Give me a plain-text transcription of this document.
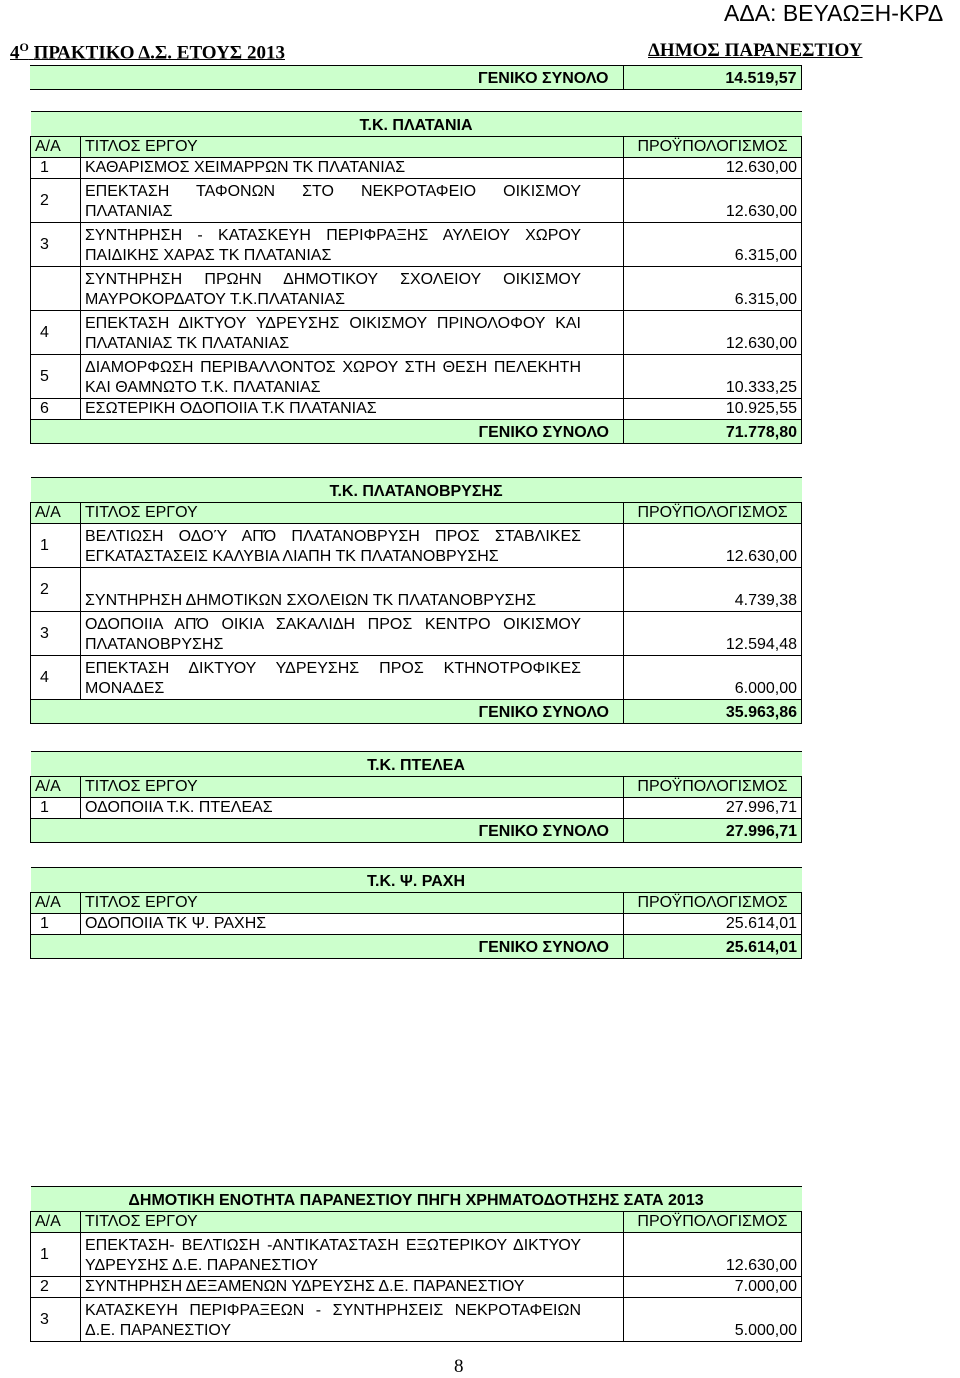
ΑΔΑ: ΒΕΥΑΩΞΗ-ΚΡΔ
$4^O$ ΠΡΑΚΤΙΚΟ Δ.Σ. ΕΤΟΥΣ 2013	ΔΗΜΟΣ ΠΑΡΑΝΕΣΤΙΟΥ
ΓΕΝΙΚΟ ΣΥΝΟΛΟ	14.519,57
Τ.Κ. ΠΛΑΤΑΝΙΑ		
Α/Α	ΤΙΤΛΟΣ ΕΡΓΟΥ	ΠΡΟΫΠΟΛΟΓΙΣΜΟΣ
1	ΚΑΘΑΡΙΣΜΟΣ ΧΕΙΜΑΡΡΩΝ ΤΚ ΠΛΑΤΑΝΙΑΣ	12.630,00
2	ΕΠΕΚΤΑΣΗ ΤΑΦΟΝΩΝ ΣΤΟ ΝΕΚΡΟΤΑΦΕΙΟ ΟΙΚΙΣΜΟΥ ΠΛΑΤΑΝΙΑΣ	12.630,00
3	ΣΥΝΤΗΡΗΣΗ - ΚΑΤΑΣΚΕΥΗ ΠΕΡΙΦΡΑΞΗΣ ΑΥΛΕΙΟΥ ΧΩΡΟΥ ΠΑΙΔΙΚΗΣ ΧΑΡΑΣ ΤΚ ΠΛΑΤΑΝΙΑΣ	6.315,00

	ΣΥΝΤΗΡΗΣΗ ΠΡΩΗΝ ΔΗΜΟΤΙΚΟΥ ΣΧΟΛΕΙΟΥ ΟΙΚΙΣΜΟΥ ΜΑΥΡΟΚΟΡΔΑΤΟΥ Τ.Κ.ΠΛΑΤΑΝΙΑΣ	6.315,00
4	ΕΠΕΚΤΑΣΗ ΔΙΚΤΥΟΥ ΥΔΡΕΥΣΗΣ ΟΙΚΙΣΜΟΥ ΠΡΙΝΟΛΟΦΟΥ ΚΑΙ ΠΛΑΤΑΝΙΑΣ ΤΚ ΠΛΑΤΑΝΙΑΣ	12.630,00
5	ΔΙΑΜΟΡΦΩΣΗ ΠΕΡΙΒΑΛΛΟΝΤΟΣ ΧΩΡΟΥ ΣΤΗ ΘΕΣΗ ΠΕΛΕΚΗΤΗ ΚΑΙ ΘΑΜΝΩΤΟ Τ.Κ. ΠΛΑΤΑΝΙΑΣ	10.333,25
6	ΕΣΩΤΕΡΙΚΗ ΟΔΟΠΟΙΙΑ Τ.Κ ΠΛΑΤΑΝΙΑΣ	10.925,55
ΓΕΝΙΚΟ ΣΥΝΟΛΟ		71.778,80
Τ.Κ. ΠΛΑΤΑΝΟΒΡΥΣΗΣ		
Α/Α	ΤΙΤΛΟΣ ΕΡΓΟΥ	ΠΡΟΫΠΟΛΟΓΙΣΜΟΣ
1	ΒΕΛΤΙΩΣΗ ΟΔΟΎ ΑΠΌ ΠΛΑΤΑΝΟΒΡΥΣΗ ΠΡΟΣ ΣΤΑΒΛΙΚΕΣ ΕΓΚΑΤΑΣΤΑΣΕΙΣ ΚΑΛΥΒΙΑ ΛΙΑΠΗ ΤΚ ΠΛΑΤΑΝΟΒΡΥΣΗΣ	12.630,00
2	ΣΥΝΤΗΡΗΣΗ ΔΗΜΟΤΙΚΩΝ ΣΧΟΛΕΙΩΝ ΤΚ ΠΛΑΤΑΝΟΒΡΥΣΗΣ	4.739,38
3	ΟΔΟΠΟΙΙΑ ΑΠΌ ΟΙΚΙΑ ΣΑΚΑΛΙΔΗ ΠΡΟΣ ΚΕΝΤΡΟ ΟΙΚΙΣΜΟΥ ΠΛΑΤΑΝΟΒΡΥΣΗΣ	12.594,48
4	ΕΠΕΚΤΑΣΗ ΔΙΚΤΥΟΥ ΥΔΡΕΥΣΗΣ ΠΡΟΣ ΚΤΗΝΟΤΡΟΦΙΚΕΣ ΜΟΝΑΔΕΣ	6.000,00
ΓΕΝΙΚΟ ΣΥΝΟΛΟ		35.963,86
Τ.Κ. ΠΤΕΛΕΑ		
Α/Α	ΤΙΤΛΟΣ ΕΡΓΟΥ	ΠΡΟΫΠΟΛΟΓΙΣΜΟΣ
1	ΟΔΟΠΟΙΙΑ Τ.Κ. ΠΤΕΛΕΑΣ	27.996,71
ΓΕΝΙΚΟ ΣΥΝΟΛΟ		27.996,71
Τ.Κ. Ψ. ΡΑΧΗ		
Α/Α	ΤΙΤΛΟΣ ΕΡΓΟΥ	ΠΡΟΫΠΟΛΟΓΙΣΜΟΣ
1	ΟΔΟΠΟΙΙΑ ΤΚ Ψ. ΡΑΧΗΣ	25.614,01
ΓΕΝΙΚΟ ΣΥΝΟΛΟ		25.614,01
ΔΗΜΟΤΙΚΗ ΕΝΟΤΗΤΑ ΠΑΡΑΝΕΣΤΙΟΥ ΠΗΓΗ ΧΡΗΜΑΤΟΔΟΤΗΣΗΣ ΣΑΤΑ 2013		
Α/Α	ΤΙΤΛΟΣ ΕΡΓΟΥ	ΠΡΟΫΠΟΛΟΓΙΣΜΟΣ
1	ΕΠΕΚΤΑΣΗ- ΒΕΛΤΙΩΣΗ -ΑΝΤΙΚΑΤΑΣΤΑΣΗ ΕΞΩΤΕΡΙΚΟΥ ΔΙΚΤΥΟΥ ΥΔΡΕΥΣΗΣ Δ.Ε. ΠΑΡΑΝΕΣΤΙΟΥ	12.630,00
2	ΣΥΝΤΗΡΗΣΗ ΔΕΞΑΜΕΝΩΝ ΥΔΡΕΥΣΗΣ Δ.Ε. ΠΑΡΑΝΕΣΤΙΟΥ	7.000,00
3	ΚΑΤΑΣΚΕΥΗ ΠΕΡΙΦΡΑΞΕΩΝ - ΣΥΝΤΗΡΗΣΕΙΣ ΝΕΚΡΟΤΑΦΕΙΩΝ Δ.Ε. ΠΑΡΑΝΕΣΤΙΟΥ	5.000,00
8
